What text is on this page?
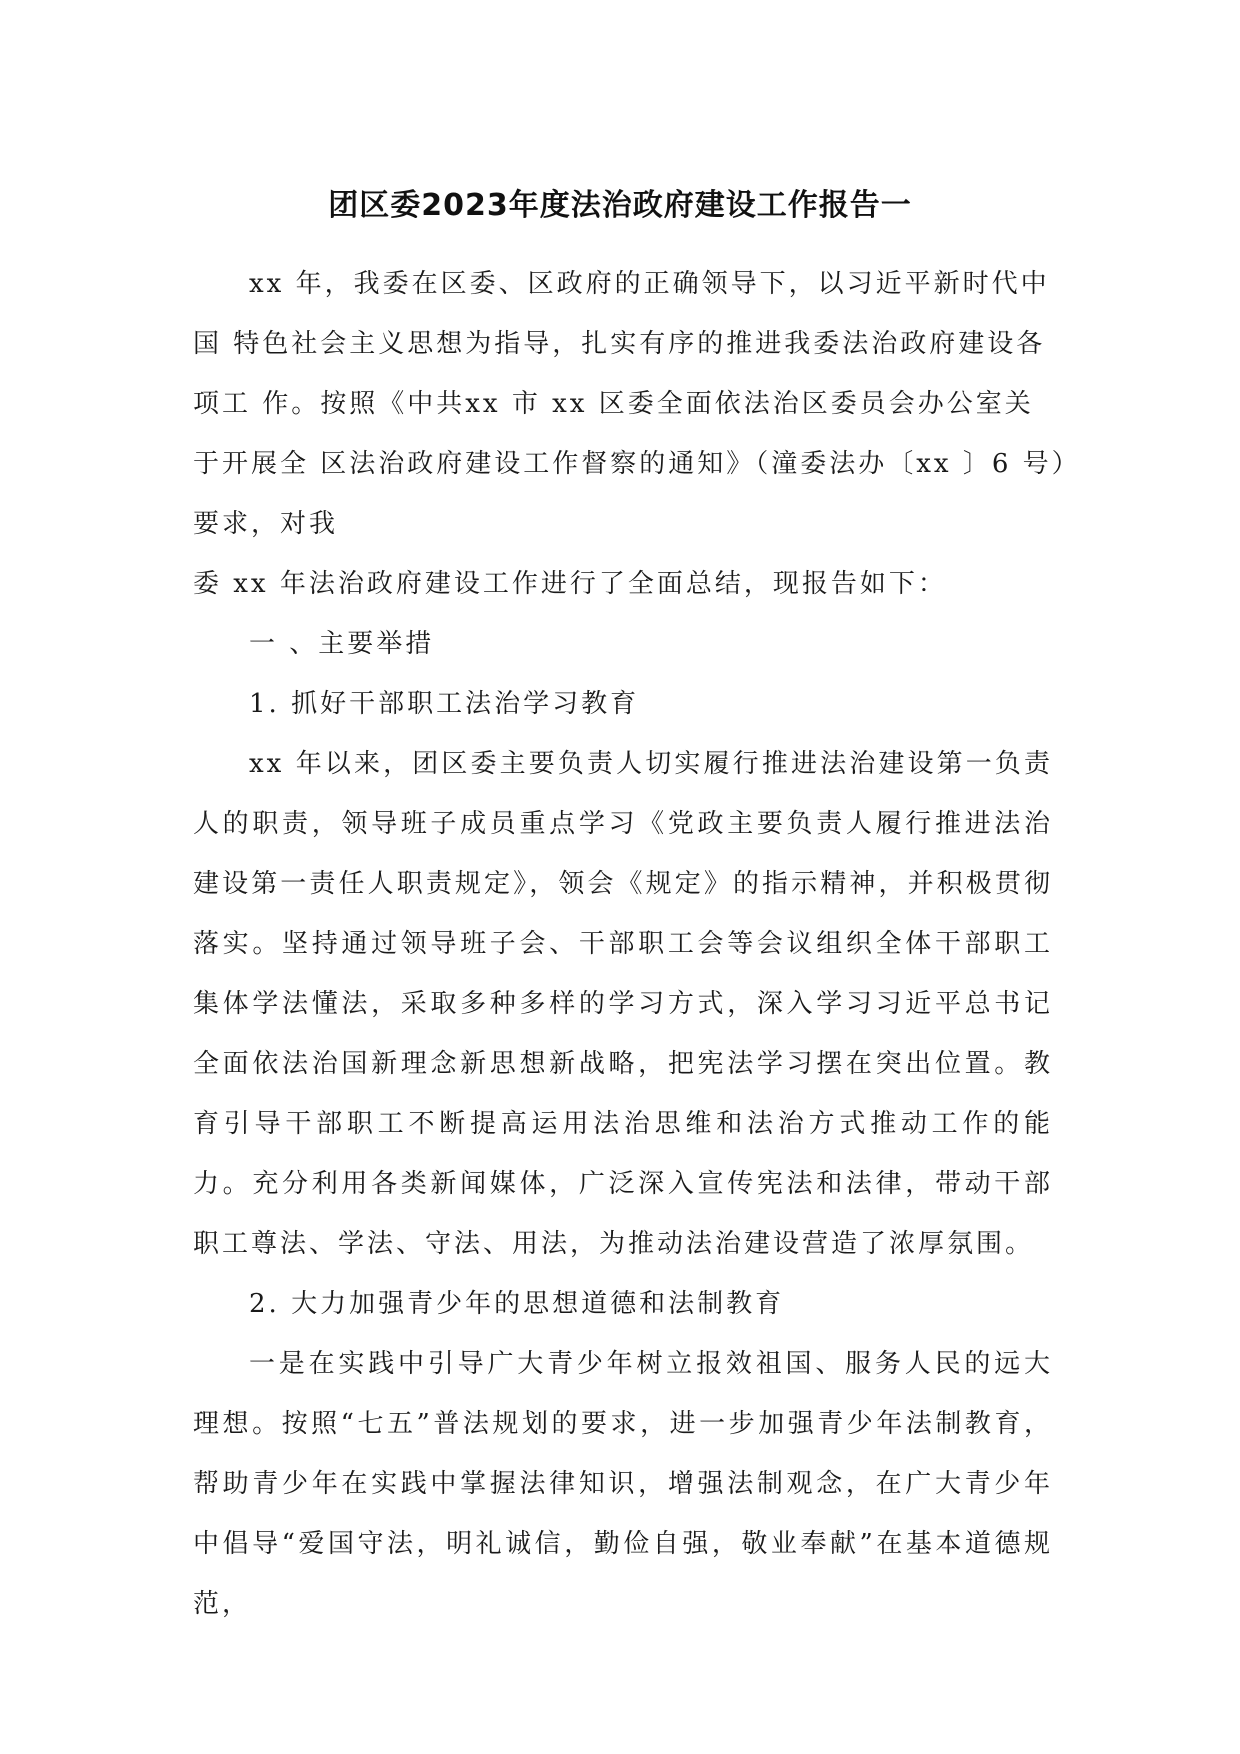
团区委2023年度法治政府建设工作报告一
xx 年，我委在区委、区政府的正确领导下，以习近平新时代中
国 特色社会主义思想为指导，扎实有序的推进我委法治政府建设各
项工 作。按照《中共xx 市 xx 区委全面依法治区委员会办公室关
于开展全 区法治政府建设工作督察的通知》（潼委法办〔xx 〕6 号）
要求，对我
委 xx 年法治政府建设工作进行了全面总结，现报告如下：
一 、主要举措
1. 抓好干部职工法治学习教育
xx 年以来，团区委主要负责人切实履行推进法治建设第一负责人的职责，领导班子成员重点学习《党政主要负责人履行推进法治建设第一责任人职责规定》，领会《规定》的指示精神，并积极贯彻落实。坚持通过领导班子会、干部职工会等会议组织全体干部职工集体学法懂法，采取多种多样的学习方式，深入学习习近平总书记全面依法治国新理念新思想新战略，把宪法学习摆在突出位置。教育引导干部职工不断提高运用法治思维和法治方式推动工作的能力。充分利用各类新闻媒体，广泛深入宣传宪法和法律，带动干部职工尊法、学法、守法、用法，为推动法治建设营造了浓厚氛围。
2. 大力加强青少年的思想道德和法制教育
一是在实践中引导广大青少年树立报效祖国、服务人民的远大理想。按照“七五”普法规划的要求，进一步加强青少年法制教育，帮助青少年在实践中掌握法律知识，增强法制观念，在广大青少年中倡导“爱国守法，明礼诚信，勤俭自强，敬业奉献”在基本道德规范，
